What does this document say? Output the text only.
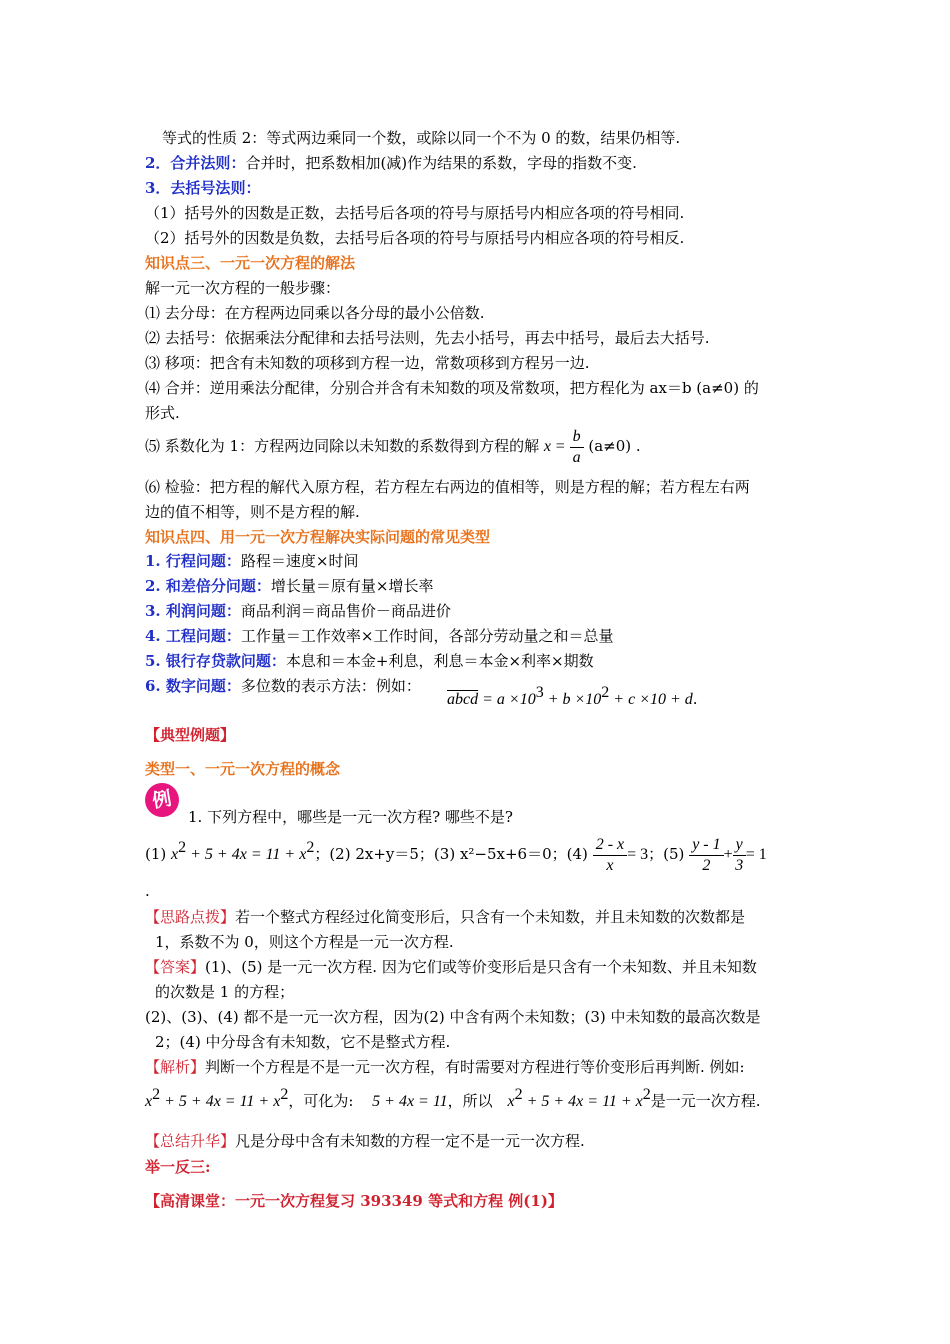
等式的性质 2：等式两边乘同一个数，或除以同一个不为 0 的数，结果仍相等.
2．合并法则：合并时，把系数相加(减)作为结果的系数，字母的指数不变.
3．去括号法则：
（1）括号外的因数是正数，去括号后各项的符号与原括号内相应各项的符号相同.
（2）括号外的因数是负数，去括号后各项的符号与原括号内相应各项的符号相反.
知识点三、一元一次方程的解法
解一元一次方程的一般步骤：
⑴ 去分母：在方程两边同乘以各分母的最小公倍数.
⑵ 去括号：依据乘法分配律和去括号法则，先去小括号，再去中括号，最后去大括号.
⑶ 移项：把含有未知数的项移到方程一边，常数项移到方程另一边.
⑷ 合并：逆用乘法分配律，分别合并含有未知数的项及常数项，把方程化为 ax＝b (a≠0) 的
形式.
⑸ 系数化为 1：方程两边同除以未知数的系数得到方程的解 $x = \frac{b}{a} (a\ne 0)$ .
⑹ 检验：把方程的解代入原方程，若方程左右两边的值相等，则是方程的解；若方程左右两
边的值不相等，则不是方程的解.
知识点四、用一元一次方程解决实际问题的常见类型
1. 行程问题：路程＝速度×时间
2. 和差倍分问题：增长量＝原有量×增长率
3. 利润问题：商品利润＝商品售价－商品进价
4. 工程问题：工作量＝工作效率×工作时间，各部分劳动量之和＝总量
5. 银行存贷款问题：本息和＝本金+利息，利息＝本金×利率×期数
6. 数字问题：多位数的表示方法：例如：
abcd = $a \times 10^3 + b \times 10^2 + c \times 10 + d$.
【典型例题】
类型一、一元一次方程的概念
例
1. 下列方程中，哪些是一元一次方程? 哪些不是?
(1) $x^2 + 5 + 4x = 11 + x^2$；(2) 2x+y＝5；(3) x²−5x+6＝0；$(4) \frac{2 - x}{x} = 3$；$(5) \frac{y - 1}{2} + \frac{y}{3} = 1$
.
【思路点拨】若一个整式方程经过化简变形后，只含有一个未知数，并且未知数的次数都是
1，系数不为 0，则这个方程是一元一次方程.
【答案】(1)、(5) 是一元一次方程. 因为它们或等价变形后是只含有一个未知数、并且未知数
的次数是 1 的方程；
(2)、(3)、(4) 都不是一元一次方程，因为(2) 中含有两个未知数；(3) 中未知数的最高次数是
2；(4) 中分母含有未知数，它不是整式方程.
【解析】判断一个方程是不是一元一次方程，有时需要对方程进行等价变形后再判断. 例如:
$x^2 + 5 + 4x = 11 + x^2$，可化为: 5 + 4x = 11，所以 $x^2 + 5 + 4x = 11 + x^2$是一元一次方程.
【总结升华】凡是分母中含有未知数的方程一定不是一元一次方程.
举一反三:
【高清课堂：一元一次方程复习 393349 等式和方程 例(1)】
